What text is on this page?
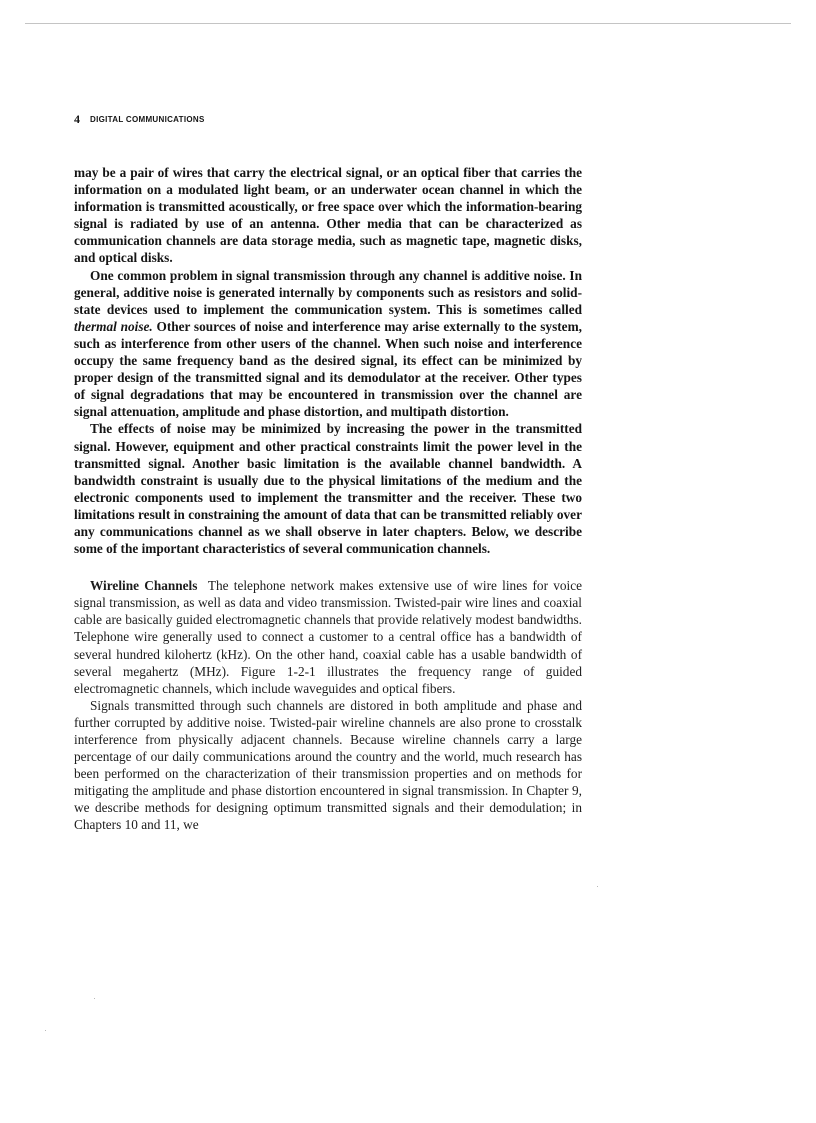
4 DIGITAL COMMUNICATIONS

may be a pair of wires that carry the electrical signal, or an optical fiber that carries the information on a modulated light beam, or an underwater ocean channel in which the information is transmitted acoustically, or free space over which the information-bearing signal is radiated by use of an antenna. Other media that can be characterized as communication channels are data storage media, such as magnetic tape, magnetic disks, and optical disks.

One common problem in signal transmission through any channel is additive noise. In general, additive noise is generated internally by components such as resistors and solid-state devices used to implement the communication system. This is sometimes called thermal noise. Other sources of noise and interference may arise externally to the system, such as interference from other users of the channel. When such noise and interference occupy the same frequency band as the desired signal, its effect can be minimized by proper design of the transmitted signal and its demodulator at the receiver. Other types of signal degradations that may be encountered in transmission over the channel are signal attenuation, amplitude and phase distortion, and multipath distortion.

The effects of noise may be minimized by increasing the power in the transmitted signal. However, equipment and other practical constraints limit the power level in the transmitted signal. Another basic limitation is the available channel bandwidth. A bandwidth constraint is usually due to the physical limitations of the medium and the electronic components used to implement the transmitter and the receiver. These two limitations result in constraining the amount of data that can be transmitted reliably over any communications channel as we shall observe in later chapters. Below, we describe some of the important characteristics of several communication channels.

Wireline Channels The telephone network makes extensive use of wire lines for voice signal transmission, as well as data and video transmission. Twisted-pair wire lines and coaxial cable are basically guided electromagnetic channels that provide relatively modest bandwidths. Telephone wire generally used to connect a customer to a central office has a bandwidth of several hundred kilohertz (kHz). On the other hand, coaxial cable has a usable bandwidth of several megahertz (MHz). Figure 1-2-1 illustrates the frequency range of guided electromagnetic channels, which include waveguides and optical fibers.

Signals transmitted through such channels are distored in both amplitude and phase and further corrupted by additive noise. Twisted-pair wireline channels are also prone to crosstalk interference from physically adjacent channels. Because wireline channels carry a large percentage of our daily communications around the country and the world, much research has been performed on the characterization of their transmission properties and on methods for mitigating the amplitude and phase distortion encountered in signal transmission. In Chapter 9, we describe methods for designing optimum transmitted signals and their demodulation; in Chapters 10 and 11, we
